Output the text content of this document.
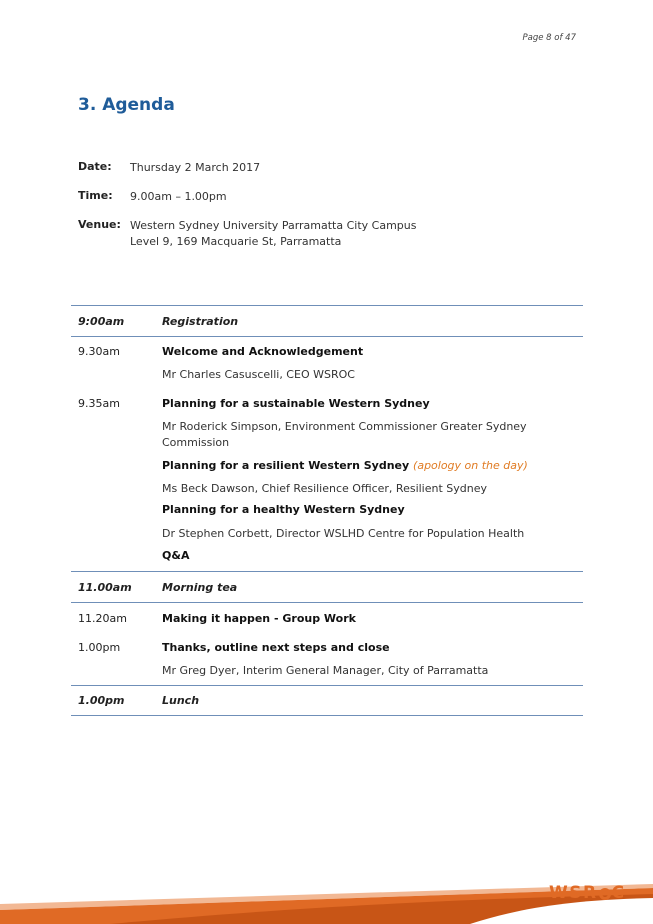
Page 8 of 47
3. Agenda
Date: Thursday 2 March 2017
Time: 9.00am – 1.00pm
Venue: Western Sydney University Parramatta City Campus
Level 9, 169 Macquarie St, Parramatta
9:00am	Registration
9.30am	Welcome and Acknowledgement
Mr Charles Casuscelli, CEO WSROC
9.35am	Planning for a sustainable Western Sydney
Mr Roderick Simpson, Environment Commissioner Greater Sydney Commission
Planning for a resilient Western Sydney (apology on the day)
Ms Beck Dawson, Chief Resilience Officer, Resilient Sydney
Planning for a healthy Western Sydney
Dr Stephen Corbett, Director WSLHD Centre for Population Health
Q&A
11.00am	Morning tea
11.20am	Making it happen - Group Work
1.00pm	Thanks, outline next steps and close
Mr Greg Dyer, Interim General Manager, City of Parramatta
1.00pm	Lunch
WSR C
